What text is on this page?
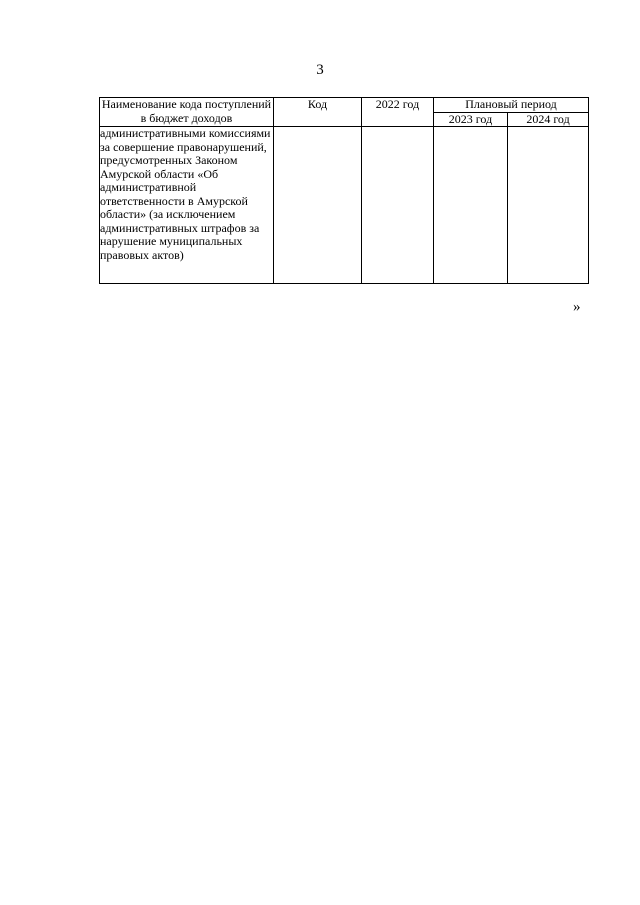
3
Наименование кода поступлений в бюджет доходов	Код	2022 год	Плановый период	
			2023 год	2024 год
административными комиссиями за совершение правонарушений, предусмотренных Законом Амурской области «Об административной ответственности в Амурской области» (за исключением административных штрафов за нарушение муниципальных правовых актов)				
»
